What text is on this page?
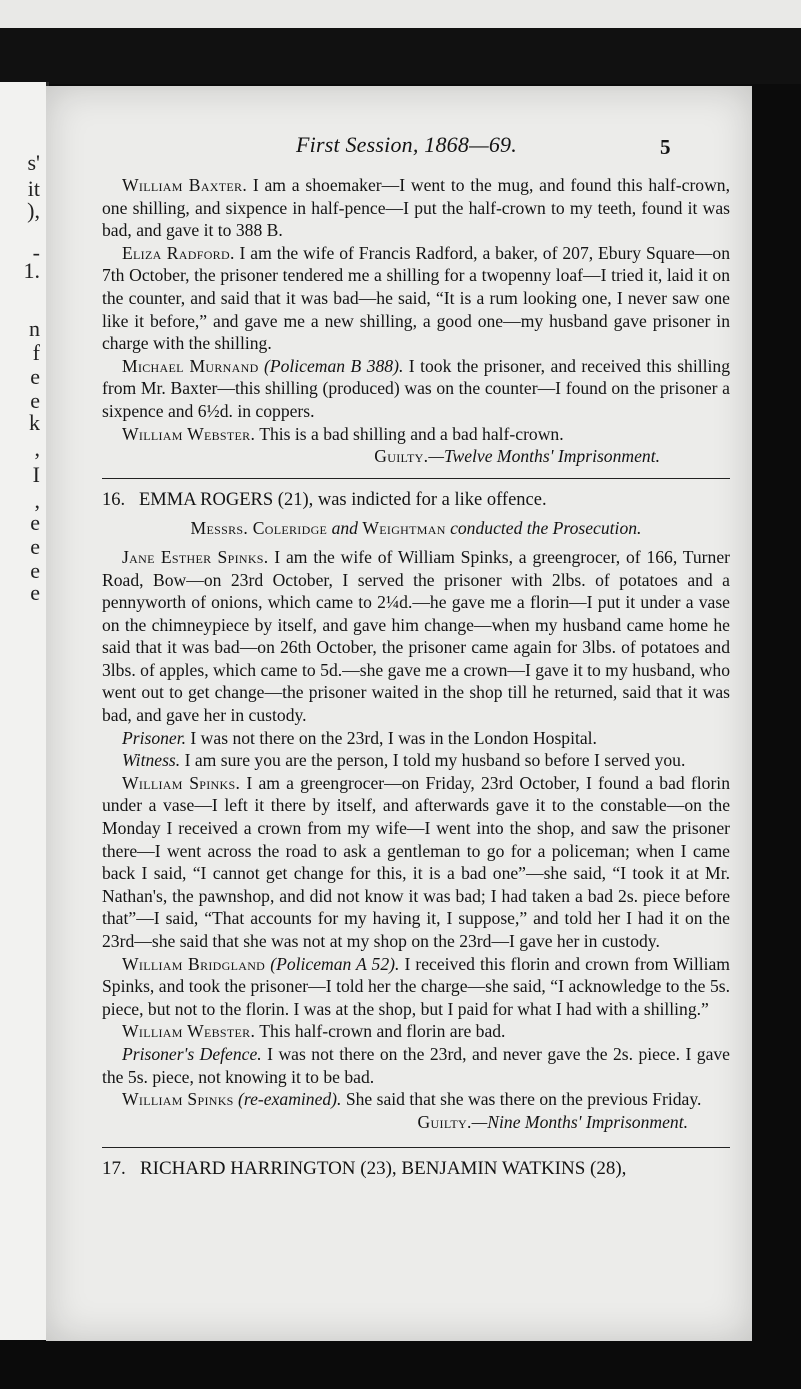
s'
it
),
-
1.
n
f
e
e
k
,
I
,
e
e
e
e
First Session, 1868—69.	5

William Baxter. I am a shoemaker—I went to the mug, and found this half-crown, one shilling, and sixpence in half-pence—I put the half-crown to my teeth, found it was bad, and gave it to 388 B.

Eliza Radford. I am the wife of Francis Radford, a baker, of 207, Ebury Square—on 7th October, the prisoner tendered me a shilling for a twopenny loaf—I tried it, laid it on the counter, and said that it was bad—he said, “It is a rum looking one, I never saw one like it before,” and gave me a new shilling, a good one—my husband gave prisoner in charge with the shilling.

Michael Murnand (Policeman B 388). I took the prisoner, and received this shilling from Mr. Baxter—this shilling (produced) was on the counter—I found on the prisoner a sixpence and 6½d. in coppers.

William Webster. This is a bad shilling and a bad half-crown.

Guilty.—Twelve Months' Imprisonment.

16. EMMA ROGERS (21), was indicted for a like offence.

Messrs. Coleridge and Weightman conducted the Prosecution.

Jane Esther Spinks. I am the wife of William Spinks, a greengrocer, of 166, Turner Road, Bow—on 23rd October, I served the prisoner with 2lbs. of potatoes and a pennyworth of onions, which came to 2¼d.—he gave me a florin—I put it under a vase on the chimneypiece by itself, and gave him change—when my husband came home he said that it was bad—on 26th October, the prisoner came again for 3lbs. of potatoes and 3lbs. of apples, which came to 5d.—she gave me a crown—I gave it to my husband, who went out to get change—the prisoner waited in the shop till he returned, said that it was bad, and gave her in custody.

Prisoner. I was not there on the 23rd, I was in the London Hospital.

Witness. I am sure you are the person, I told my husband so before I served you.

William Spinks. I am a greengrocer—on Friday, 23rd October, I found a bad florin under a vase—I left it there by itself, and afterwards gave it to the constable—on the Monday I received a crown from my wife—I went into the shop, and saw the prisoner there—I went across the road to ask a gentleman to go for a policeman; when I came back I said, “I cannot get change for this, it is a bad one”—she said, “I took it at Mr. Nathan's, the pawnshop, and did not know it was bad; I had taken a bad 2s. piece before that”—I said, “That accounts for my having it, I suppose,” and told her I had it on the 23rd—she said that she was not at my shop on the 23rd—I gave her in custody.

William Bridgland (Policeman A 52). I received this florin and crown from William Spinks, and took the prisoner—I told her the charge—she said, “I acknowledge to the 5s. piece, but not to the florin. I was at the shop, but I paid for what I had with a shilling.”

William Webster. This half-crown and florin are bad.

Prisoner's Defence. I was not there on the 23rd, and never gave the 2s. piece. I gave the 5s. piece, not knowing it to be bad.

William Spinks (re-examined). She said that she was there on the previous Friday.
Guilty.—Nine Months' Imprisonment.

17. RICHARD HARRINGTON (23), BENJAMIN WATKINS (28),
